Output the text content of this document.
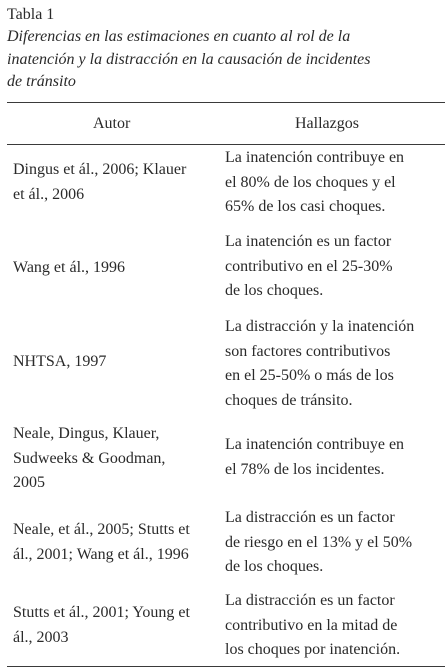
Tabla 1

Diferencias en las estimaciones en cuanto al rol de la
inatención y la distracción en la causación de incidentes
de tránsito

Autor	Hallazgos
Dingus et ál., 2006; Klauer
et ál., 2006
La inatención contribuye en
el 80% de los choques y el
65% de los casi choques.
Wang et ál., 1996
La inatención es un factor
contributivo en el 25-30%
de los choques.
NHTSA, 1997
La distracción y la inatención
son factores contributivos
en el 25-50% o más de los
choques de tránsito.
Neale, Dingus, Klauer,
Sudweeks & Goodman,
2005
La inatención contribuye en
el 78% de los incidentes.
Neale, et ál., 2005; Stutts et
ál., 2001; Wang et ál., 1996
La distracción es un factor
de riesgo en el 13% y el 50%
de los choques.
Stutts et ál., 2001; Young et
ál., 2003
La distracción es un factor
contributivo en la mitad de
los choques por inatención.
